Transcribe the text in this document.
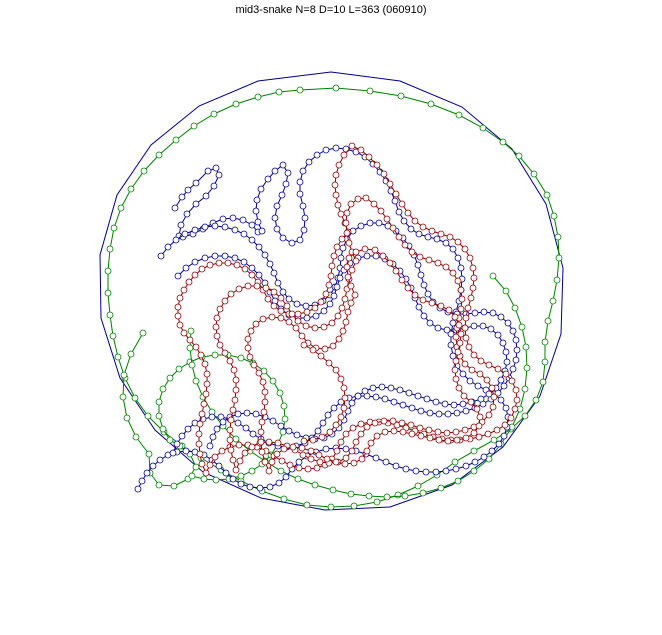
mid3-snake N=8 D=10 L=363 (060910)
